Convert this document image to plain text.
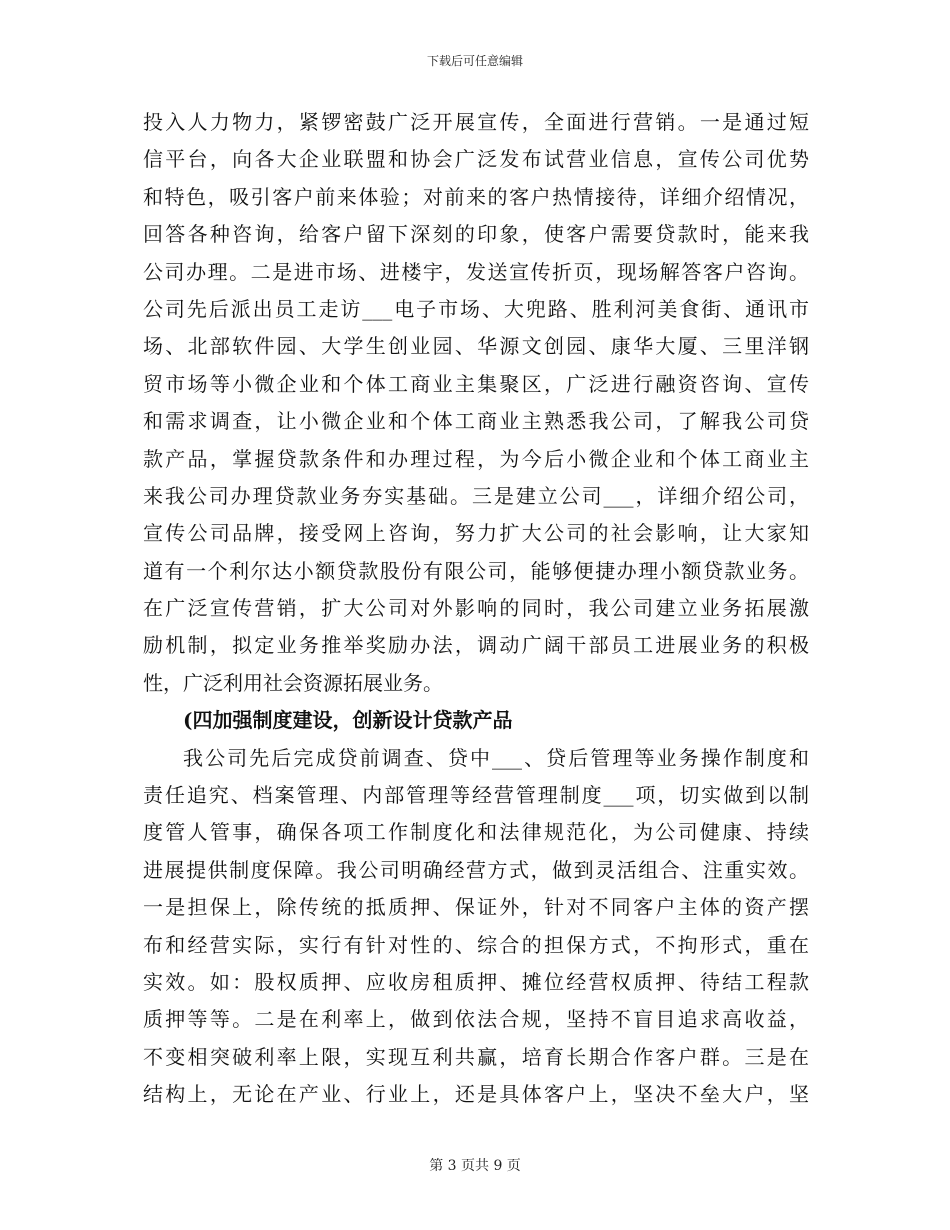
下载后可任意编辑
投入人力物力，紧锣密鼓广泛开展宣传，全面进行营销。一是通过短
信平台，向各大企业联盟和协会广泛发布试营业信息，宣传公司优势
和特色，吸引客户前来体验；对前来的客户热情接待，详细介绍情况，
回答各种咨询，给客户留下深刻的印象，使客户需要贷款时，能来我
公司办理。二是进市场、进楼宇，发送宣传折页，现场解答客户咨询。
公司先后派出员工走访___电子市场、大兜路、胜利河美食街、通讯市
场、北部软件园、大学生创业园、华源文创园、康华大厦、三里洋钢
贸市场等小微企业和个体工商业主集聚区，广泛进行融资咨询、宣传
和需求调查，让小微企业和个体工商业主熟悉我公司，了解我公司贷
款产品，掌握贷款条件和办理过程，为今后小微企业和个体工商业主
来我公司办理贷款业务夯实基础。三是建立公司___，详细介绍公司，
宣传公司品牌，接受网上咨询，努力扩大公司的社会影响，让大家知
道有一个利尔达小额贷款股份有限公司，能够便捷办理小额贷款业务。
在广泛宣传营销，扩大公司对外影响的同时，我公司建立业务拓展激
励机制，拟定业务推举奖励办法，调动广阔干部员工进展业务的积极
性，广泛利用社会资源拓展业务。
(四加强制度建设，创新设计贷款产品
我公司先后完成贷前调查、贷中___、贷后管理等业务操作制度和
责任追究、档案管理、内部管理等经营管理制度___项，切实做到以制
度管人管事，确保各项工作制度化和法律规范化，为公司健康、持续
进展提供制度保障。我公司明确经营方式，做到灵活组合、注重实效。
一是担保上，除传统的抵质押、保证外，针对不同客户主体的资产摆
布和经营实际，实行有针对性的、综合的担保方式，不拘形式，重在
实效。如：股权质押、应收房租质押、摊位经营权质押、待结工程款
质押等等。二是在利率上，做到依法合规，坚持不盲目追求高收益，
不变相突破利率上限，实现互利共赢，培育长期合作客户群。三是在
结构上，无论在产业、行业上，还是具体客户上，坚决不垒大户，坚
第 3 页共 9 页
